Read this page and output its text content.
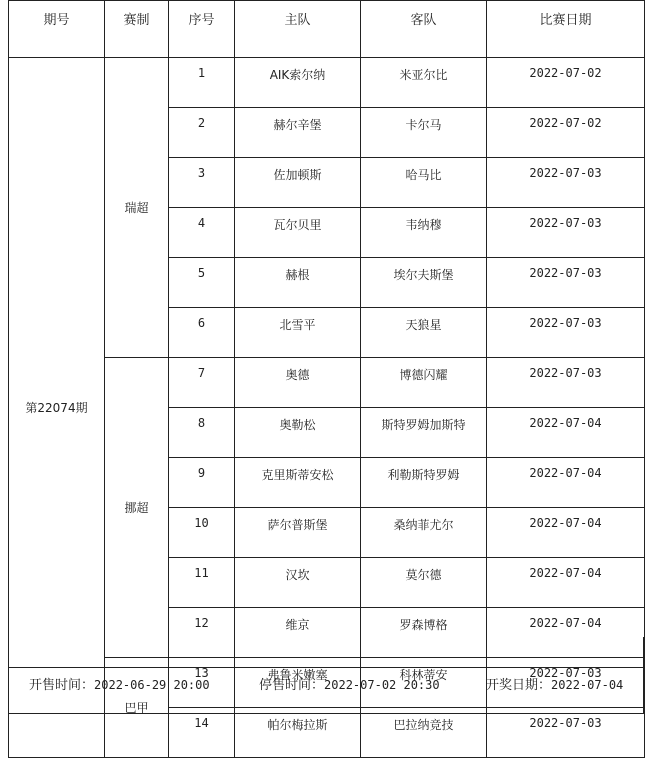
期号	赛制	序号	主队	客队	比赛日期
第22074期	瑞超	1	AIK索尔纳	米亚尔比	2022-07-02
		2	赫尔辛堡	卡尔马	2022-07-02
		3	佐加顿斯	哈马比	2022-07-03
		4	瓦尔贝里	韦纳穆	2022-07-03
		5	赫根	埃尔夫斯堡	2022-07-03
		6	北雪平	天狼星	2022-07-03
	挪超	7	奥德	博德闪耀	2022-07-03
		8	奥勒松	斯特罗姆加斯特	2022-07-04
		9	克里斯蒂安松	利勒斯特罗姆	2022-07-04
		10	萨尔普斯堡	桑纳菲尤尔	2022-07-04
		11	汉坎	莫尔德	2022-07-04
		12	维京	罗森博格	2022-07-04
	巴甲	13	弗鲁米嫩塞	科林蒂安	2022-07-03
		14	帕尔梅拉斯	巴拉纳竞技	2022-07-03
开售时间：2022-06-29 20:00	停售时间：2022-07-02 20:30	开奖日期：2022-07-04
